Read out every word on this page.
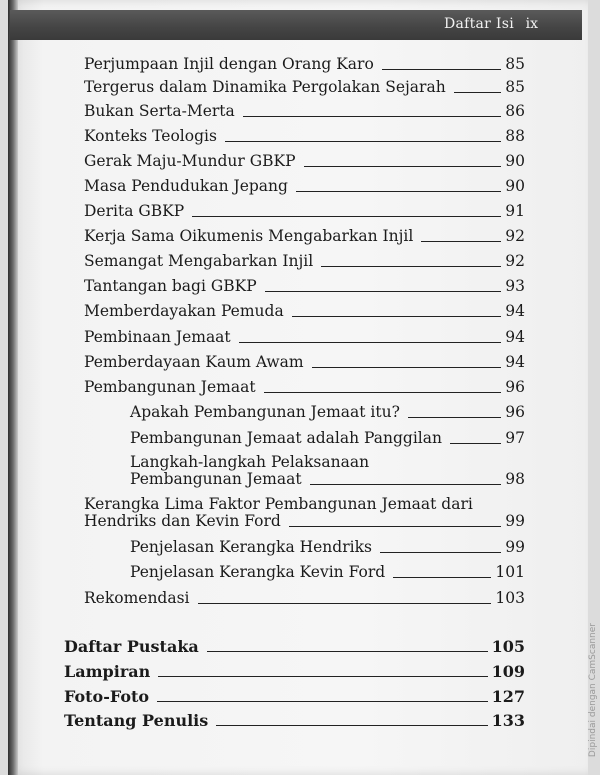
Daftar Isi ix
Perjumpaan Injil dengan Orang Karo	85
Tergerus dalam Dinamika Pergolakan Sejarah	85
Bukan Serta-Merta	86
Konteks Teologis	88
Gerak Maju-Mundur GBKP	90
Masa Pendudukan Jepang	90
Derita GBKP	91
Kerja Sama Oikumenis Mengabarkan Injil	92
Semangat Mengabarkan Injil	92
Tantangan bagi GBKP	93
Memberdayakan Pemuda	94
Pembinaan Jemaat	94
Pemberdayaan Kaum Awam	94
Pembangunan Jemaat	96
Apakah Pembangunan Jemaat itu?	96
Pembangunan Jemaat adalah Panggilan	97
Langkah-langkah Pelaksanaan
Pembangunan Jemaat	98
Kerangka Lima Faktor Pembangunan Jemaat dari
Hendriks dan Kevin Ford	99
Penjelasan Kerangka Hendriks	99
Penjelasan Kerangka Kevin Ford	101
Rekomendasi	103
Daftar Pustaka	105
Lampiran	109
Foto-Foto	127
Tentang Penulis	133	Dipindai dengan CamScanner
